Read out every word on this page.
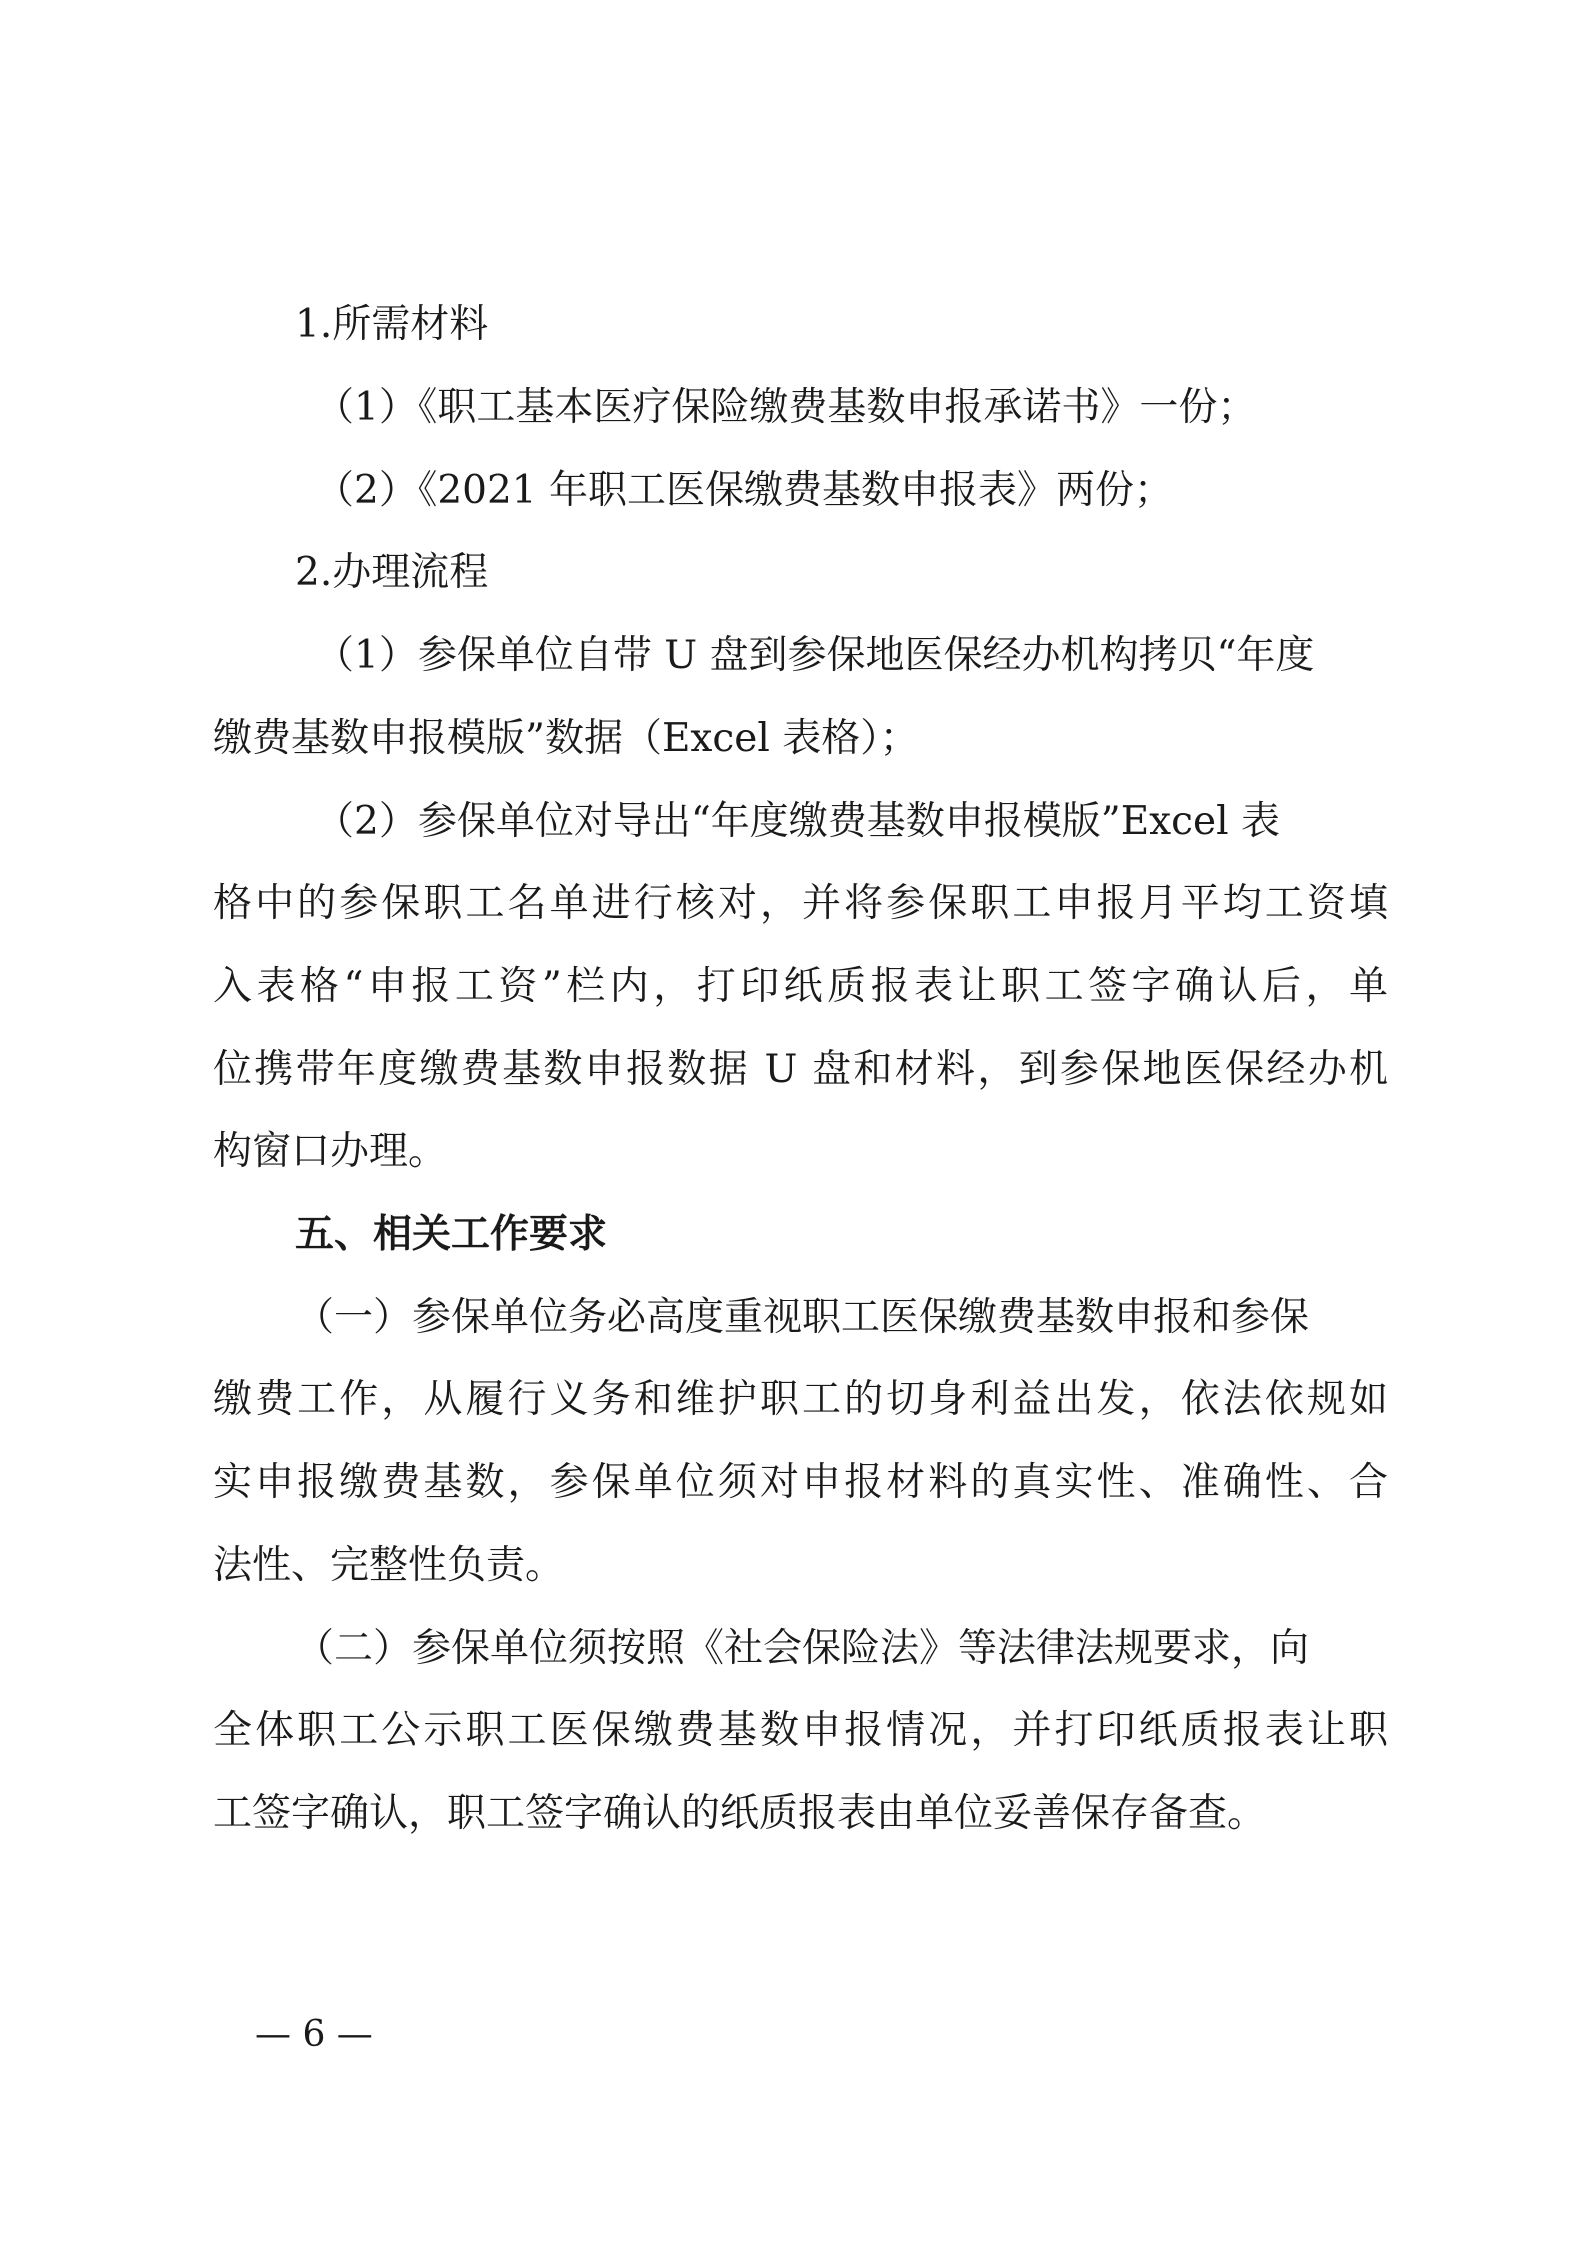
1.所需材料

（1）《职工基本医疗保险缴费基数申报承诺书》一份；

（2）《2021 年职工医保缴费基数申报表》两份；

2.办理流程

（1）参保单位自带 U 盘到参保地医保经办机构拷贝“年度

缴费基数申报模版”数据（Excel 表格）；

（2）参保单位对导出“年度缴费基数申报模版”Excel 表

格中的参保职工名单进行核对，并将参保职工申报月平均工资填

入表格“申报工资”栏内，打印纸质报表让职工签字确认后，单

位携带年度缴费基数申报数据 U 盘和材料，到参保地医保经办机

构窗口办理。

五、相关工作要求

（一）参保单位务必高度重视职工医保缴费基数申报和参保

缴费工作，从履行义务和维护职工的切身利益出发，依法依规如

实申报缴费基数，参保单位须对申报材料的真实性、准确性、合

法性、完整性负责。

（二）参保单位须按照《社会保险法》等法律法规要求，向

全体职工公示职工医保缴费基数申报情况，并打印纸质报表让职

工签字确认，职工签字确认的纸质报表由单位妥善保存备查。

— 6 —
